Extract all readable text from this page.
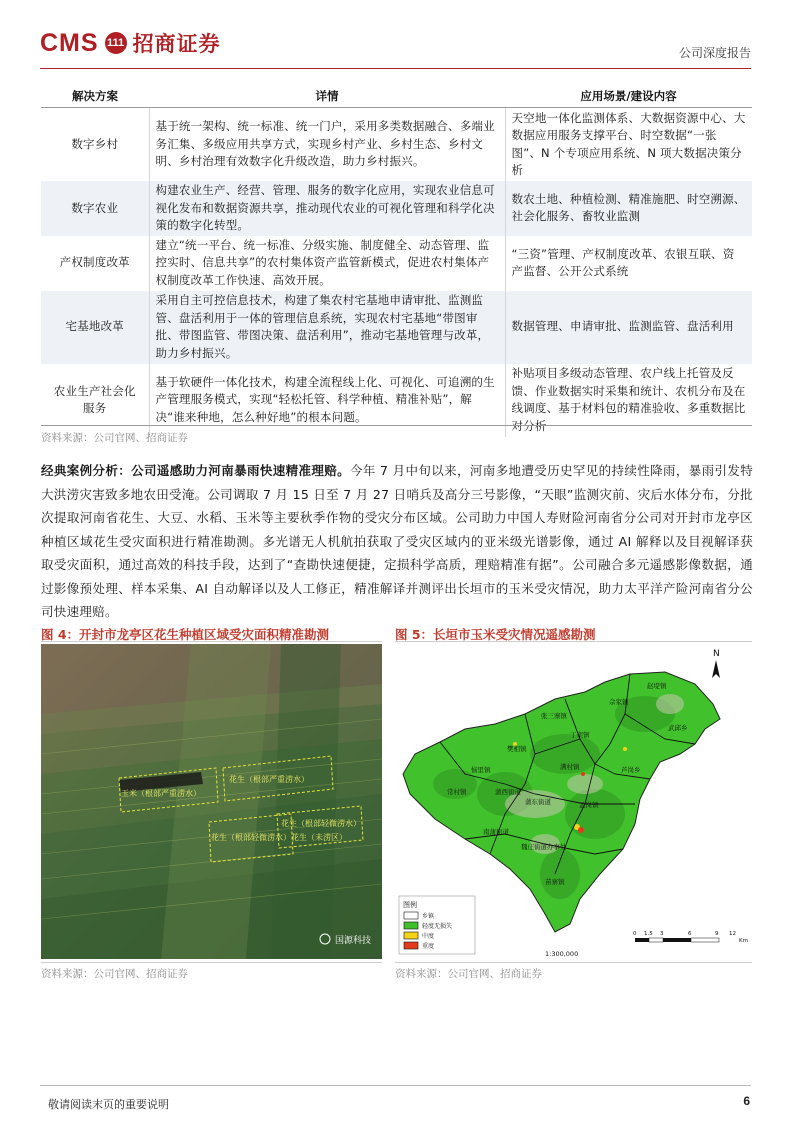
CMS 111 招商证券	公司深度报告
解决方案	详情	应用场景/建设内容
数字乡村	基于统一架构、统一标准、统一门户，采用多类数据融合、多端业务汇集、多级应用共享方式，实现乡村产业、乡村生态、乡村文明、乡村治理有效数字化升级改造，助力乡村振兴。	天空地一体化监测体系、大数据资源中心、大数据应用服务支撑平台、时空数据“一张图”、N 个专项应用系统、N 项大数据决策分析
数字农业	构建农业生产、经营、管理、服务的数字化应用，实现农业信息可视化发布和数据资源共享，推动现代农业的可视化管理和科学化决策的数字化转型。	数农土地、种植检测、精准施肥、时空溯源、社会化服务、畜牧业监测
产权制度改革	建立“统一平台、统一标准、分级实施、制度健全、动态管理、监控实时、信息共享”的农村集体资产监管新模式，促进农村集体产权制度改革工作快速、高效开展。	“三资”管理、产权制度改革、农银互联、资产监督、公开公式系统
宅基地改革	采用自主可控信息技术，构建了集农村宅基地申请审批、监测监管、盘活利用于一体的管理信息系统，实现农村宅基地“带图审批、带图监管、带图决策、盘活利用”，推动宅基地管理与改革，助力乡村振兴。	数据管理、申请审批、监测监管、盘活利用
农业生产社会化服务	基于软硬件一体化技术，构建全流程线上化、可视化、可追溯的生产管理服务模式，实现“轻松托管、科学种植、精准补贴”，解决“谁来种地，怎么种好地”的根本问题。	补贴项目多级动态管理、农户线上托管及反馈、作业数据实时采集和统计、农机分布及在线调度、基于材料包的精准验收、多重数据比对分析
资料来源：公司官网、招商证券
经典案例分析：公司遥感助力河南暴雨快速精准理赔。今年 7 月中旬以来，河南多地遭受历史罕见的持续性降雨，暴雨引发特大洪涝灾害致多地农田受淹。公司调取 7 月 15 日至 7 月 27 日哨兵及高分三号影像，“天眼”监测灾前、灾后水体分布，分批次提取河南省花生、大豆、水稻、玉米等主要秋季作物的受灾分布区域。公司助力中国人寿财险河南省分公司对开封市龙亭区种植区域花生受灾面积进行精准勘测。多光谱无人机航拍获取了受灾区域内的亚米级光谱影像，通过 AI 解释以及目视解译获取受灾面积，通过高效的科技手段，达到了“查勘快速便捷，定损科学高质，理赔精准有据”。公司融合多元遥感影像数据，通过影像预处理、样本采集、AI 自动解译以及人工修正，精准解译并测评出长垣市的玉米受灾情况，助力太平洋产险河南省分公司快速理赔。
图 4：开封市龙亭区花生种植区域受灾面积精准勘测
玉米（根部严重涝水）
花生（根部严重涝水）
花生（根部轻微涝水）
花生（根部轻微涝水） 花生（未涝区）
国源科技
资料来源：公司官网、招商证券
图 5：长垣市玉米受灾情况遥感勘测
赵堤镇
佘家镇
张三寨镇
丁栾镇
武邱乡
樊相镇
满村镇	芦岗乡
常村镇	蒲西街道
蒲东街道	孟岗镇
南蒲街道
魏庄街道办事处
苗寨镇
恼里镇
N
图例
乡镇
轻度无损失
中度
重度
0 1.5 3	6	9 12
Km
1:300,000
资料来源：公司官网、招商证券
敬请阅读末页的重要说明	6
